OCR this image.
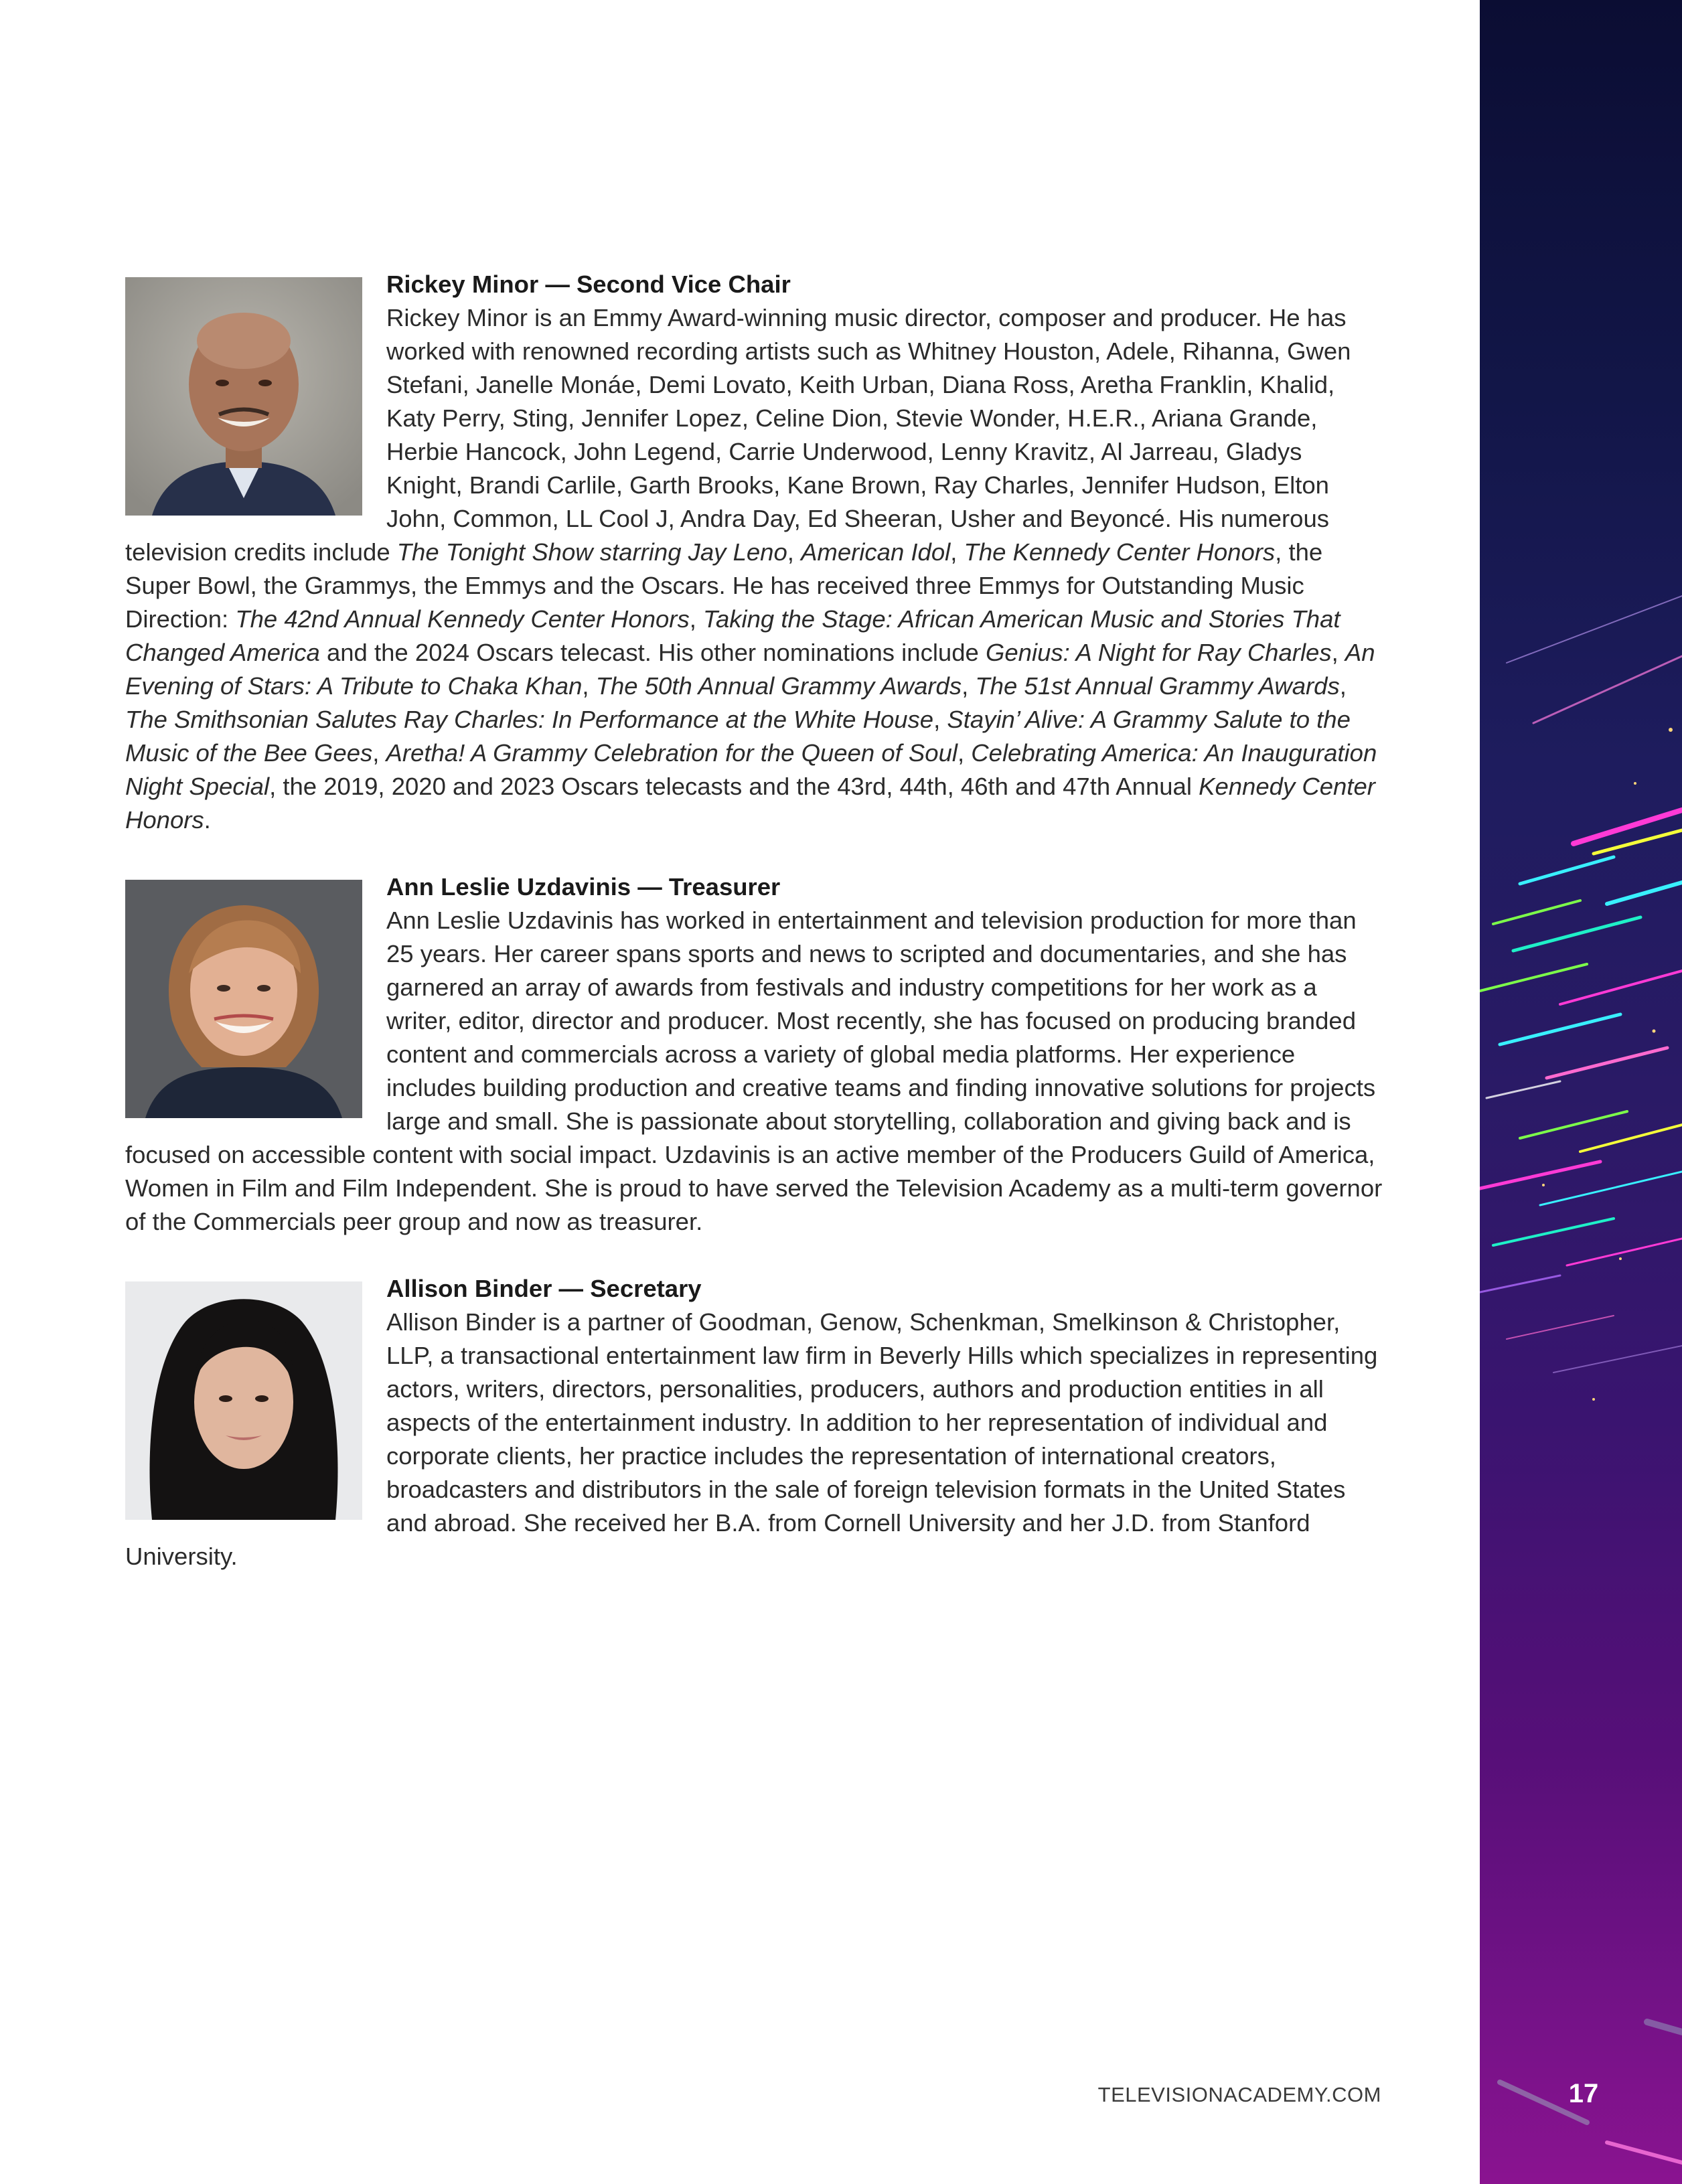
Rickey Minor — Second Vice Chair
Rickey Minor is an Emmy Award-winning music director, composer and producer. He has worked with renowned recording artists such as Whitney Houston, Adele, Rihanna, Gwen Stefani, Janelle Monáe, Demi Lovato, Keith Urban, Diana Ross, Aretha Franklin, Khalid, Katy Perry, Sting, Jennifer Lopez, Celine Dion, Stevie Wonder, H.E.R., Ariana Grande, Herbie Hancock, John Legend, Carrie Underwood, Lenny Kravitz, Al Jarreau, Gladys Knight, Brandi Carlile, Garth Brooks, Kane Brown, Ray Charles, Jennifer Hudson, Elton John, Common, LL Cool J, Andra Day, Ed Sheeran, Usher and Beyoncé. His numerous television credits include The Tonight Show starring Jay Leno, American Idol, The Kennedy Center Honors, the Super Bowl, the Grammys, the Emmys and the Oscars. He has received three Emmys for Outstanding Music Direction: The 42nd Annual Kennedy Center Honors, Taking the Stage: African American Music and Stories That Changed America and the 2024 Oscars telecast. His other nominations include Genius: A Night for Ray Charles, An Evening of Stars: A Tribute to Chaka Khan, The 50th Annual Grammy Awards, The 51st Annual Grammy Awards, The Smithsonian Salutes Ray Charles: In Performance at the White House, Stayin’ Alive: A Grammy Salute to the Music of the Bee Gees, Aretha! A Grammy Celebration for the Queen of Soul, Celebrating America: An Inauguration Night Special, the 2019, 2020 and 2023 Oscars telecasts and the 43rd, 44th, 46th and 47th Annual Kennedy Center Honors.
Ann Leslie Uzdavinis — Treasurer
Ann Leslie Uzdavinis has worked in entertainment and television production for more than 25 years. Her career spans sports and news to scripted and documentaries, and she has garnered an array of awards from festivals and industry competitions for her work as a writer, editor, director and producer. Most recently, she has focused on producing branded content and commercials across a variety of global media platforms. Her experience includes building production and creative teams and finding innovative solutions for projects large and small. She is passionate about storytelling, collaboration and giving back and is focused on accessible content with social impact. Uzdavinis is an active member of the Producers Guild of America, Women in Film and Film Independent. She is proud to have served the Television Academy as a multi-term governor of the Commercials peer group and now as treasurer.
Allison Binder — Secretary
Allison Binder is a partner of Goodman, Genow, Schenkman, Smelkinson & Christopher, LLP, a transactional entertainment law firm in Beverly Hills which specializes in representing actors, writers, directors, personalities, producers, authors and production entities in all aspects of the entertainment industry. In addition to her representation of individual and corporate clients, her practice includes the representation of international creators, broadcasters and distributors in the sale of foreign television formats in the United States and abroad. She received her B.A. from Cornell University and her J.D. from Stanford University.
TELEVISIONACADEMY.COM	17
